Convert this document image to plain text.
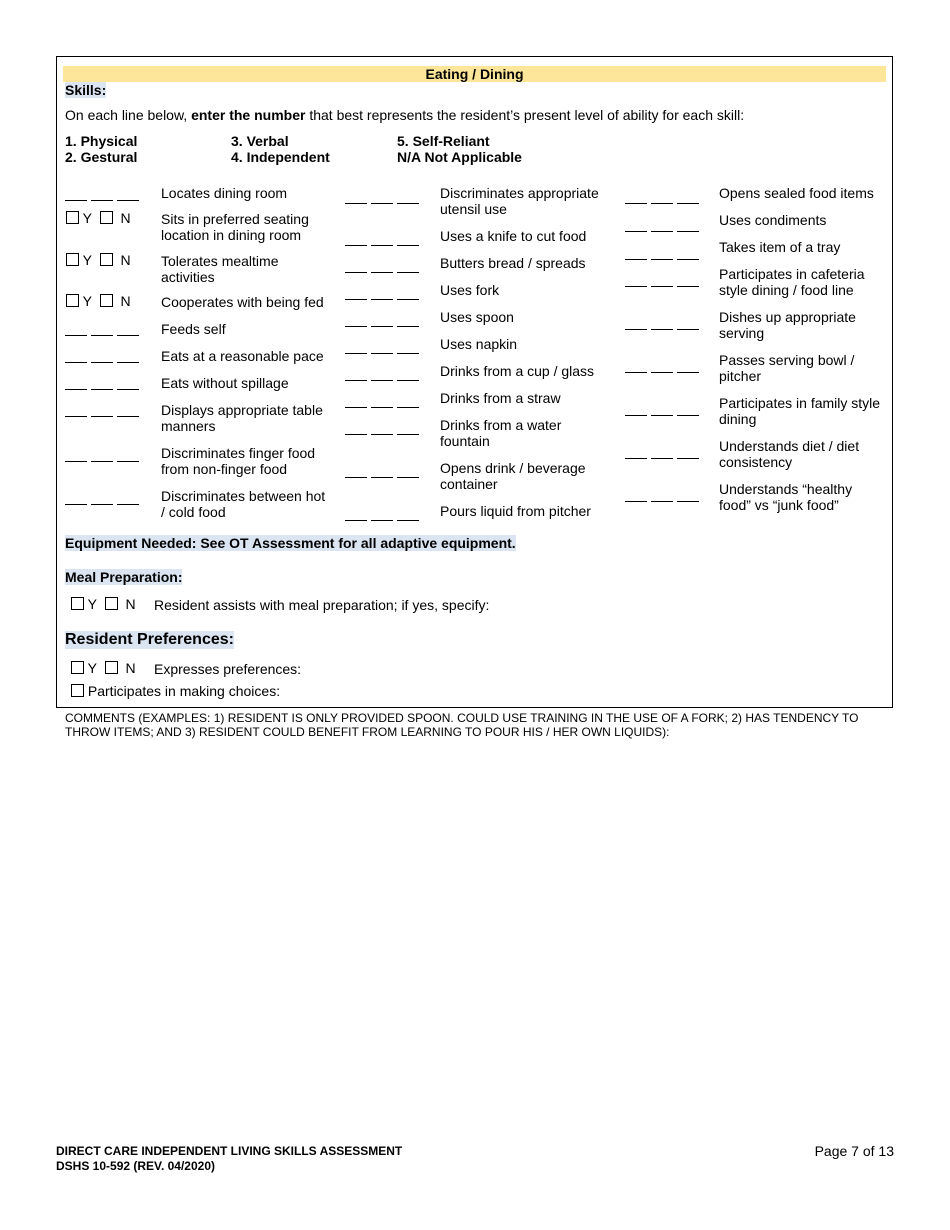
Eating / Dining
Skills:
On each line below, enter the number that best represents the resident’s present level of ability for each skill:
1. Physical
2. Gestural
3. Verbal
4. Independent
5. Self-Reliant
N/A Not Applicable
Locates dining room
Y N Sits in preferred seating location in dining room
Y N Tolerates mealtime activities
Y N Cooperates with being fed
Feeds self
Eats at a reasonable pace
Eats without spillage
Displays appropriate table manners
Discriminates finger food from non-finger food
Discriminates between hot / cold food
Discriminates appropriate utensil use
Uses a knife to cut food
Butters bread / spreads
Uses fork
Uses spoon
Uses napkin
Drinks from a cup / glass
Drinks from a straw
Drinks from a water fountain
Opens drink / beverage container
Pours liquid from pitcher
Opens sealed food items
Uses condiments
Takes item of a tray
Participates in cafeteria style dining / food line
Dishes up appropriate serving
Passes serving bowl / pitcher
Participates in family style dining
Understands diet / diet consistency
Understands “healthy food” vs “junk food”
Equipment Needed: See OT Assessment for all adaptive equipment.
Meal Preparation:
Y N Resident assists with meal preparation; if yes, specify:
Resident Preferences:
Y N Expresses preferences:
Participates in making choices:
COMMENTS (EXAMPLES: 1) RESIDENT IS ONLY PROVIDED SPOON. COULD USE TRAINING IN THE USE OF A FORK; 2) HAS TENDENCY TO THROW ITEMS; AND 3) RESIDENT COULD BENEFIT FROM LEARNING TO POUR HIS / HER OWN LIQUIDS):
DIRECT CARE INDEPENDENT LIVING SKILLS ASSESSMENT
DSHS 10-592 (REV. 04/2020)
Page 7 of 13
